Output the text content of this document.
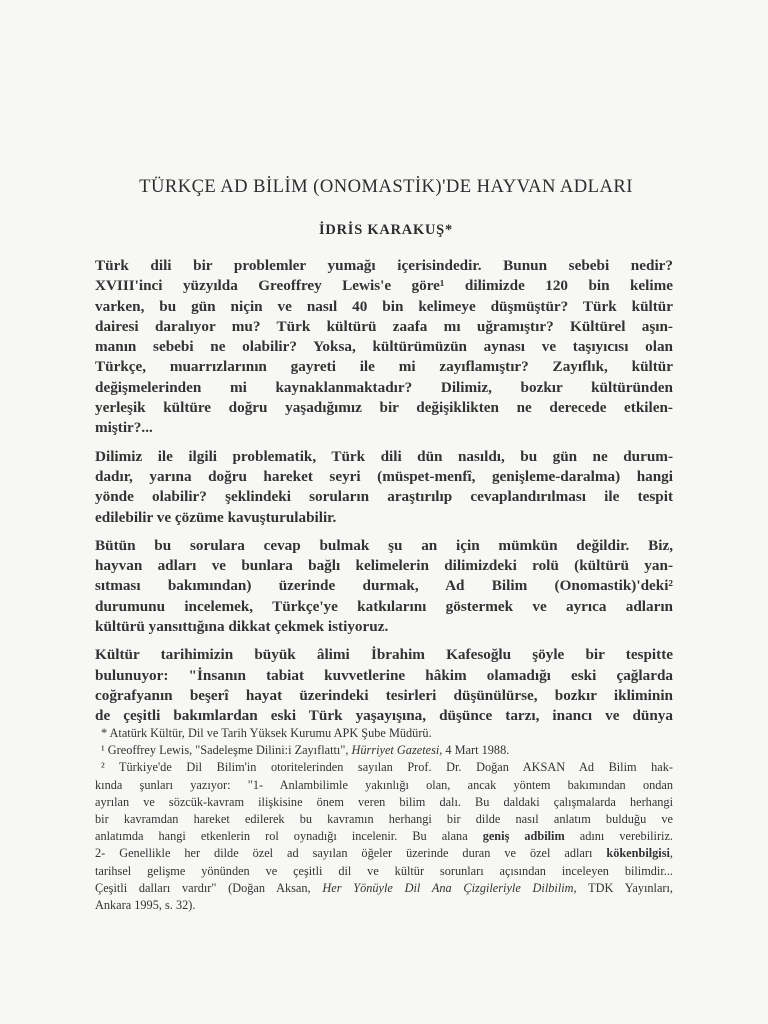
TÜRKÇE AD BİLİM (ONOMASTİK)'DE HAYVAN ADLARI
İDRİS KARAKUŞ*

Türk dili bir problemler yumağı içerisindedir. Bunun sebebi nedir?
XVIII'inci yüzyılda Greoffrey Lewis'e göre¹ dilimizde 120 bin kelime
varken, bu gün niçin ve nasıl 40 bin kelimeye düşmüştür? Türk kültür
dairesi daralıyor mu? Türk kültürü zaafa mı uğramıştır? Kültürel aşın-
manın sebebi ne olabilir? Yoksa, kültürümüzün aynası ve taşıyıcısı olan
Türkçe, muarrızlarının gayreti ile mi zayıflamıştır? Zayıflık, kültür
değişmelerinden mi kaynaklanmaktadır? Dilimiz, bozkır kültüründen
yerleşik kültüre doğru yaşadığımız bir değişiklikten ne derecede etkilen-
miştir?...

Dilimiz ile ilgili problematik, Türk dili dün nasıldı, bu gün ne durum-
dadır, yarına doğru hareket seyri (müspet-menfî, genişleme-daralma) hangi
yönde olabilir? şeklindeki soruların araştırılıp cevaplandırılması ile tespit
edilebilir ve çözüme kavuşturulabilir.

Bütün bu sorulara cevap bulmak şu an için mümkün değildir. Biz,
hayvan adları ve bunlara bağlı kelimelerin dilimizdeki rolü (kültürü yan-
sıtması bakımından) üzerinde durmak, Ad Bilim (Onomastik)'deki²
durumunu incelemek, Türkçe'ye katkılarını göstermek ve ayrıca adların
kültürü yansıttığına dikkat çekmek istiyoruz.

Kültür tarihimizin büyük âlimi İbrahim Kafesoğlu şöyle bir tespitte
bulunuyor: "İnsanın tabiat kuvvetlerine hâkim olamadığı eski çağlarda
coğrafyanın beşerî hayat üzerindeki tesirleri düşünülürse, bozkır ikliminin
de çeşitli bakımlardan eski Türk yaşayışına, düşünce tarzı, inancı ve dünya

* Atatürk Kültür, Dil ve Tarih Yüksek Kurumu APK Şube Müdürü.
¹ Greoffrey Lewis, "Sadeleşme Dilini:i Zayıflattı", Hürriyet Gazetesi, 4 Mart 1988.
² Türkiye'de Dil Bilim'in otoritelerinden sayılan Prof. Dr. Doğan AKSAN Ad Bilim hak-
kında şunları yazıyor: "1- Anlambilimle yakınlığı olan, ancak yöntem bakımından ondan
ayrılan ve sözcük-kavram ilişkisine önem veren bilim dalı. Bu daldaki çalışmalarda herhangi
bir kavramdan hareket edilerek bu kavramın herhangi bir dilde nasıl anlatım bulduğu ve
anlatımda hangi etkenlerin rol oynadığı incelenir. Bu alana geniş adbilim adını verebiliriz.
2- Genellikle her dilde özel ad sayılan öğeler üzerinde duran ve özel adları kökenbilgisi,
tarihsel gelişme yönünden ve çeşitli dil ve kültür sorunları açısından inceleyen bilimdir...
Çeşitli dalları vardır" (Doğan Aksan, Her Yönüyle Dil Ana Çizgileriyle Dilbilim, TDK Yayınları,
Ankara 1995, s. 32).
